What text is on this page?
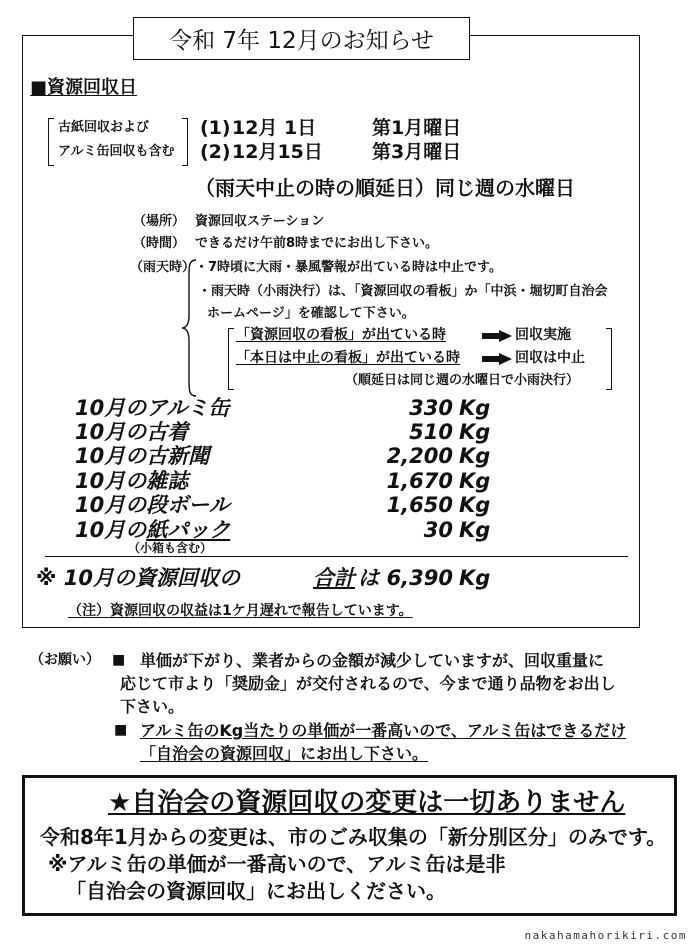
令和 7年 12月のお知らせ
■資源回収日
古紙回収および
アルミ缶回収も含む
(1) 12月 1日	第1月曜日
(2) 12月15日	第3月曜日
（雨天中止の時の順延日）同じ週の水曜日
（場所） 資源回収ステーション
（時間） できるだけ午前8時までにお出し下さい。
（雨天時） ・7時頃に大雨・暴風警報が出ている時は中止です。
・雨天時（小雨決行）は、「資源回収の看板」か「中浜・堀切町自治会
ホームページ」を確認して下さい。
「資源回収の看板」が出ている時	回収実施
「本日は中止の看板」が出ている時	回収は中止
（順延日は同じ週の水曜日で小雨決行）
10月のアルミ缶	330 Kg
10月の古着	510 Kg
10月の古新聞	2,200 Kg
10月の雑誌	1,670 Kg
10月の段ボール	1,650 Kg
10月の紙パック	30 Kg
（小箱も含む）
※ 10月の資源回収の	合計 は 6,390 Kg
（注）資源回収の収益は1ケ月遅れで報告しています。
（お願い） ■ 単価が下がり、業者からの金額が減少していますが、回収重量に
応じて市より「奨励金」が交付されるので、今まで通り品物をお出し
下さい。
■ アルミ缶のKg当たりの単価が一番高いので、アルミ缶はできるだけ
「自治会の資源回収」にお出し下さい。
★自治会の資源回収の変更は一切ありません
令和8年1月からの変更は、市のごみ収集の「新分別区分」のみです。
※アルミ缶の単価が一番高いので、アルミ缶は是非
「自治会の資源回収」にお出しください。
nakahamahorikiri.com
